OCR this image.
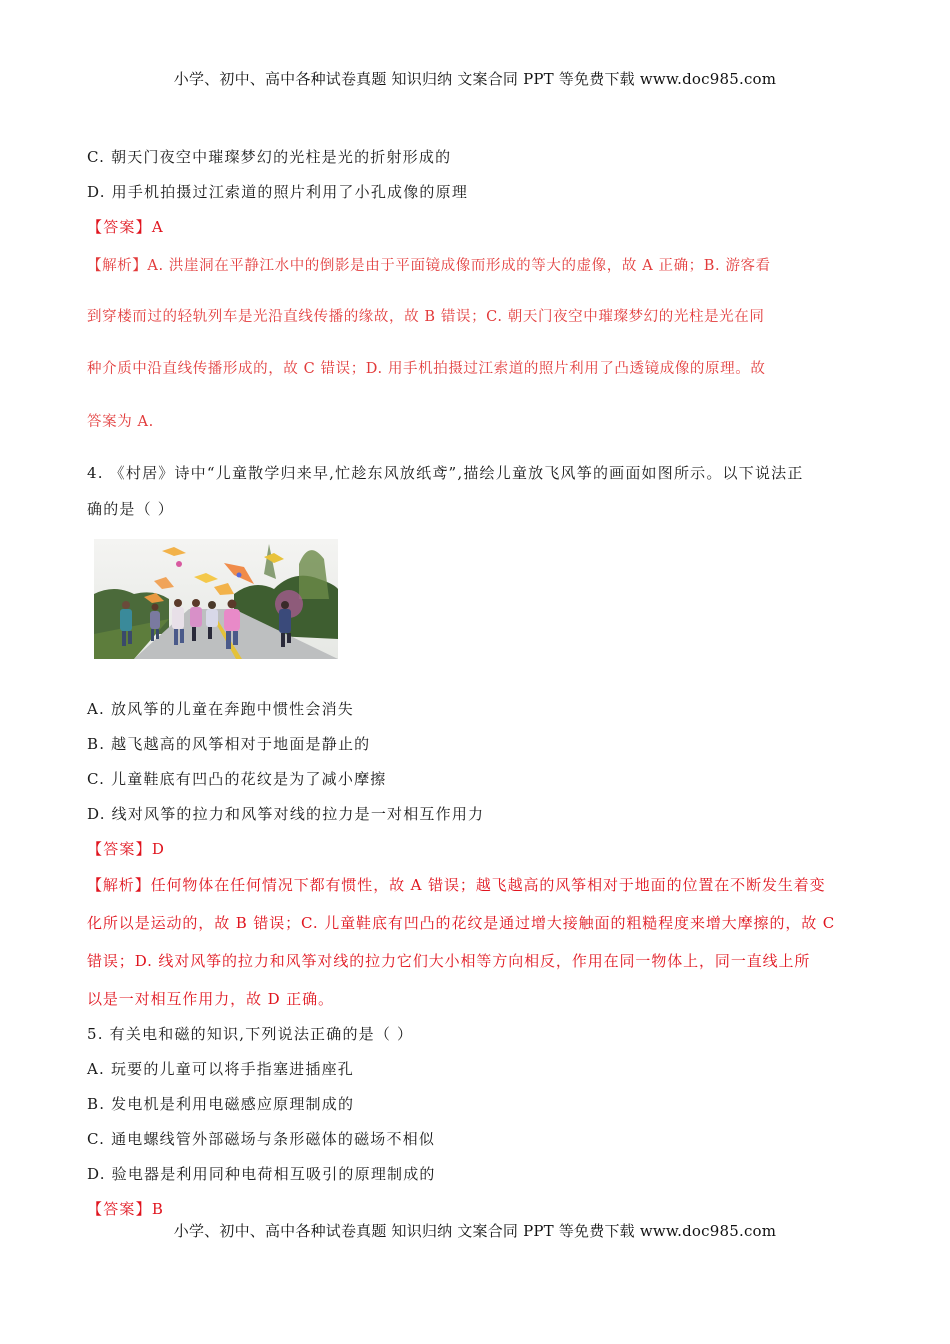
小学、初中、高中各种试卷真题 知识归纳 文案合同 PPT 等免费下载 www.doc985.com
C. 朝天门夜空中璀璨梦幻的光柱是光的折射形成的
D. 用手机拍摄过江索道的照片利用了小孔成像的原理
【答案】A
【解析】A. 洪崖洞在平静江水中的倒影是由于平面镜成像而形成的等大的虚像，故 A 正确；B. 游客看
到穿楼而过的轻轨列车是光沿直线传播的缘故，故 B 错误；C. 朝天门夜空中璀璨梦幻的光柱是光在同
种介质中沿直线传播形成的，故 C 错误；D. 用手机拍摄过江索道的照片利用了凸透镜成像的原理。故
答案为 A.
4. 《村居》诗中“儿童散学归来早,忙趁东风放纸鸢”,描绘儿童放飞风筝的画面如图所示。以下说法正
确的是（ ）
A. 放风筝的儿童在奔跑中惯性会消失
B. 越飞越高的风筝相对于地面是静止的
C. 儿童鞋底有凹凸的花纹是为了减小摩擦
D. 线对风筝的拉力和风筝对线的拉力是一对相互作用力
【答案】D
【解析】任何物体在任何情况下都有惯性，故 A 错误；越飞越高的风筝相对于地面的位置在不断发生着变
化所以是运动的，故 B 错误；C. 儿童鞋底有凹凸的花纹是通过增大接触面的粗糙程度来增大摩擦的，故 C
错误；D. 线对风筝的拉力和风筝对线的拉力它们大小相等方向相反，作用在同一物体上，同一直线上所
以是一对相互作用力，故 D 正确。
5. 有关电和磁的知识,下列说法正确的是（ ）
A. 玩要的儿童可以将手指塞进插座孔
B. 发电机是利用电磁感应原理制成的
C. 通电螺线管外部磁场与条形磁体的磁场不相似
D. 验电器是利用同种电荷相互吸引的原理制成的
【答案】B
小学、初中、高中各种试卷真题 知识归纳 文案合同 PPT 等免费下载 www.doc985.com
